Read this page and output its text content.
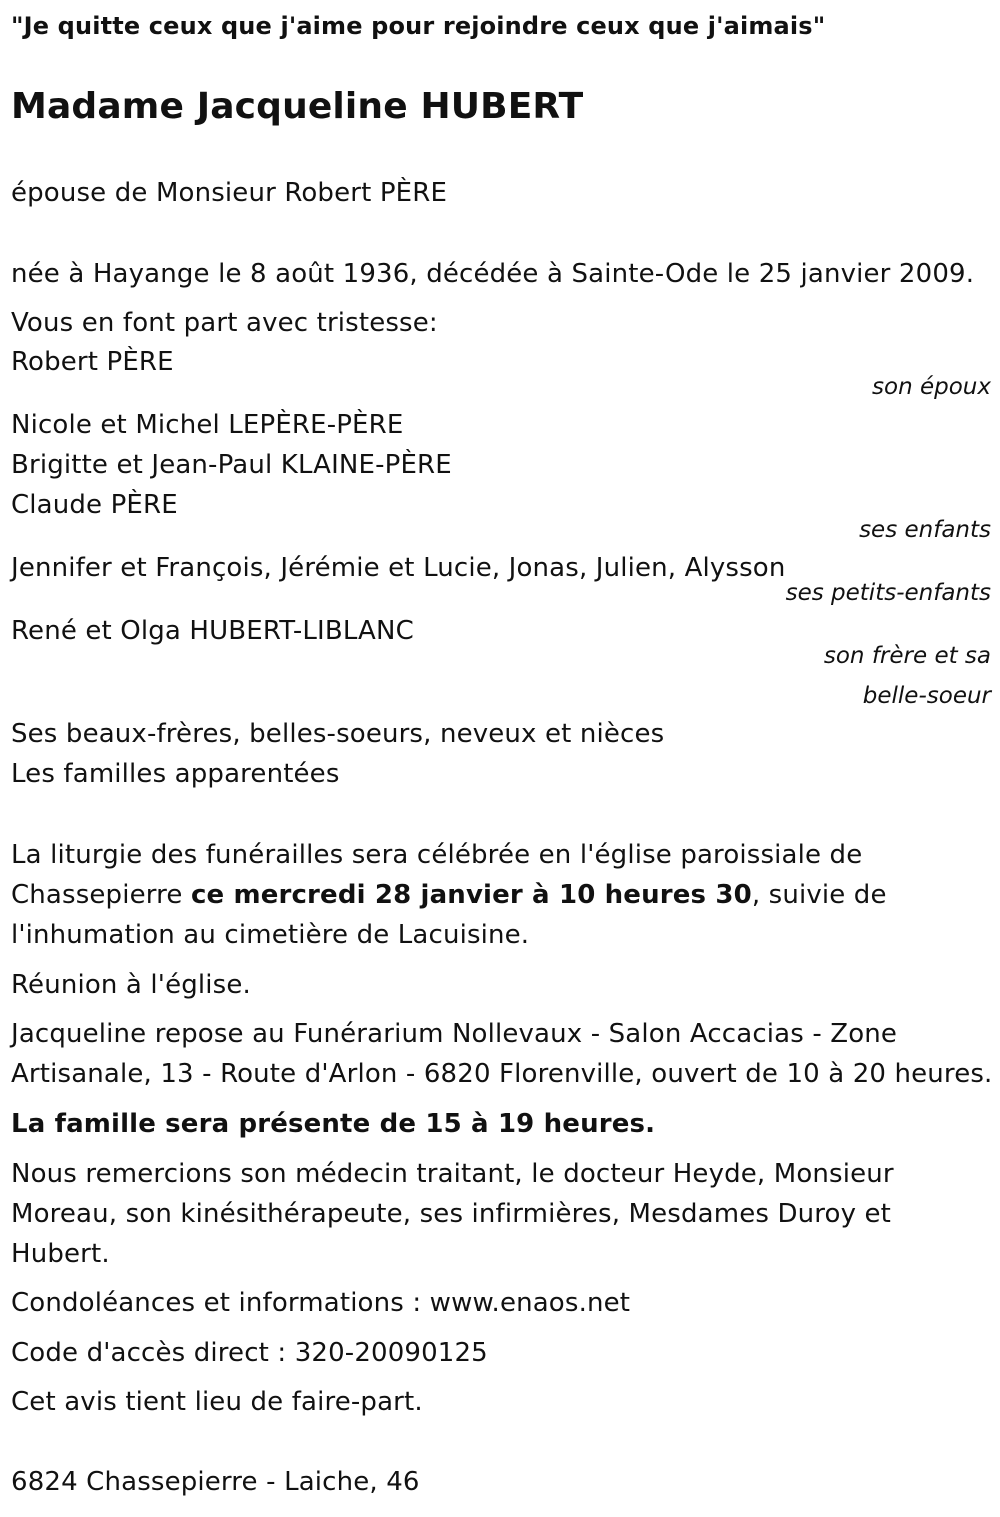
"Je quitte ceux que j'aime pour rejoindre ceux que j'aimais"

Madame Jacqueline HUBERT

épouse de Monsieur Robert PÈRE

née à Hayange le 8 août 1936, décédée à Sainte-Ode le 25 janvier 2009.

Vous en font part avec tristesse:

Robert PÈRE

son époux

Nicole et Michel LEPÈRE-PÈRE

Brigitte et Jean-Paul KLAINE-PÈRE

Claude PÈRE

ses enfants

Jennifer et François, Jérémie et Lucie, Jonas, Julien, Alysson

ses petits-enfants

René et Olga HUBERT-LIBLANC

son frère et sa

belle-soeur

Ses beaux-frères, belles-soeurs, neveux et nièces

Les familles apparentées

La liturgie des funérailles sera célébrée en l'église paroissiale de

Chassepierre ce mercredi 28 janvier à 10 heures 30, suivie de

l'inhumation au cimetière de Lacuisine.

Réunion à l'église.

Jacqueline repose au Funérarium Nollevaux - Salon Accacias - Zone

Artisanale, 13 - Route d'Arlon - 6820 Florenville, ouvert de 10 à 20 heures.

La famille sera présente de 15 à 19 heures.

Nous remercions son médecin traitant, le docteur Heyde, Monsieur

Moreau, son kinésithérapeute, ses infirmières, Mesdames Duroy et

Hubert.

Condoléances et informations : www.enaos.net

Code d'accès direct : 320-20090125

Cet avis tient lieu de faire-part.

6824 Chassepierre - Laiche, 46
